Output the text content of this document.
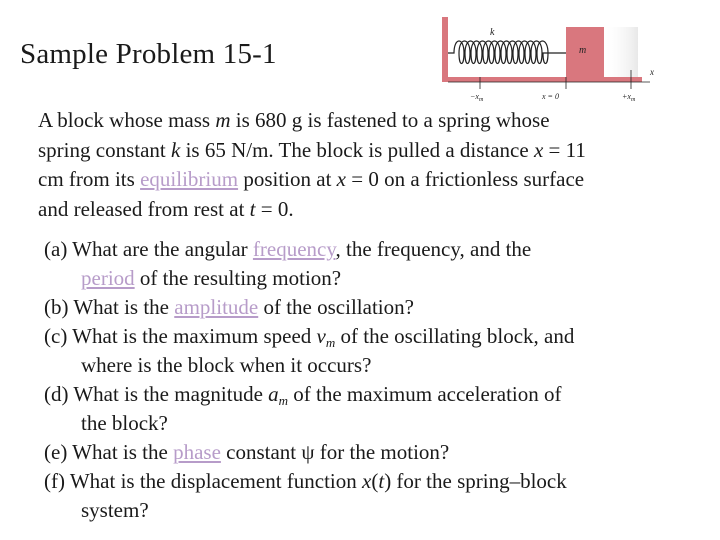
Sample Problem 15-1
k
m
x
$-x_m$	x = 0	$+x_m$
A block whose mass m is 680 g is fastened to a spring whose
spring constant k is 65 N/m. The block is pulled a distance x = 11
cm from its equilibrium position at x = 0 on a frictionless surface
and released from rest at t = 0.
(a) What are the angular frequency, the frequency, and the
period of the resulting motion?
(b) What is the amplitude of the oscillation?
(c) What is the maximum speed $v_m$ of the oscillating block, and
where is the block when it occurs?
(d) What is the magnitude $a_m$ of the maximum acceleration of
the block?
(e) What is the phase constant ψ for the motion?
(f) What is the displacement function x(t) for the spring–block
system?
